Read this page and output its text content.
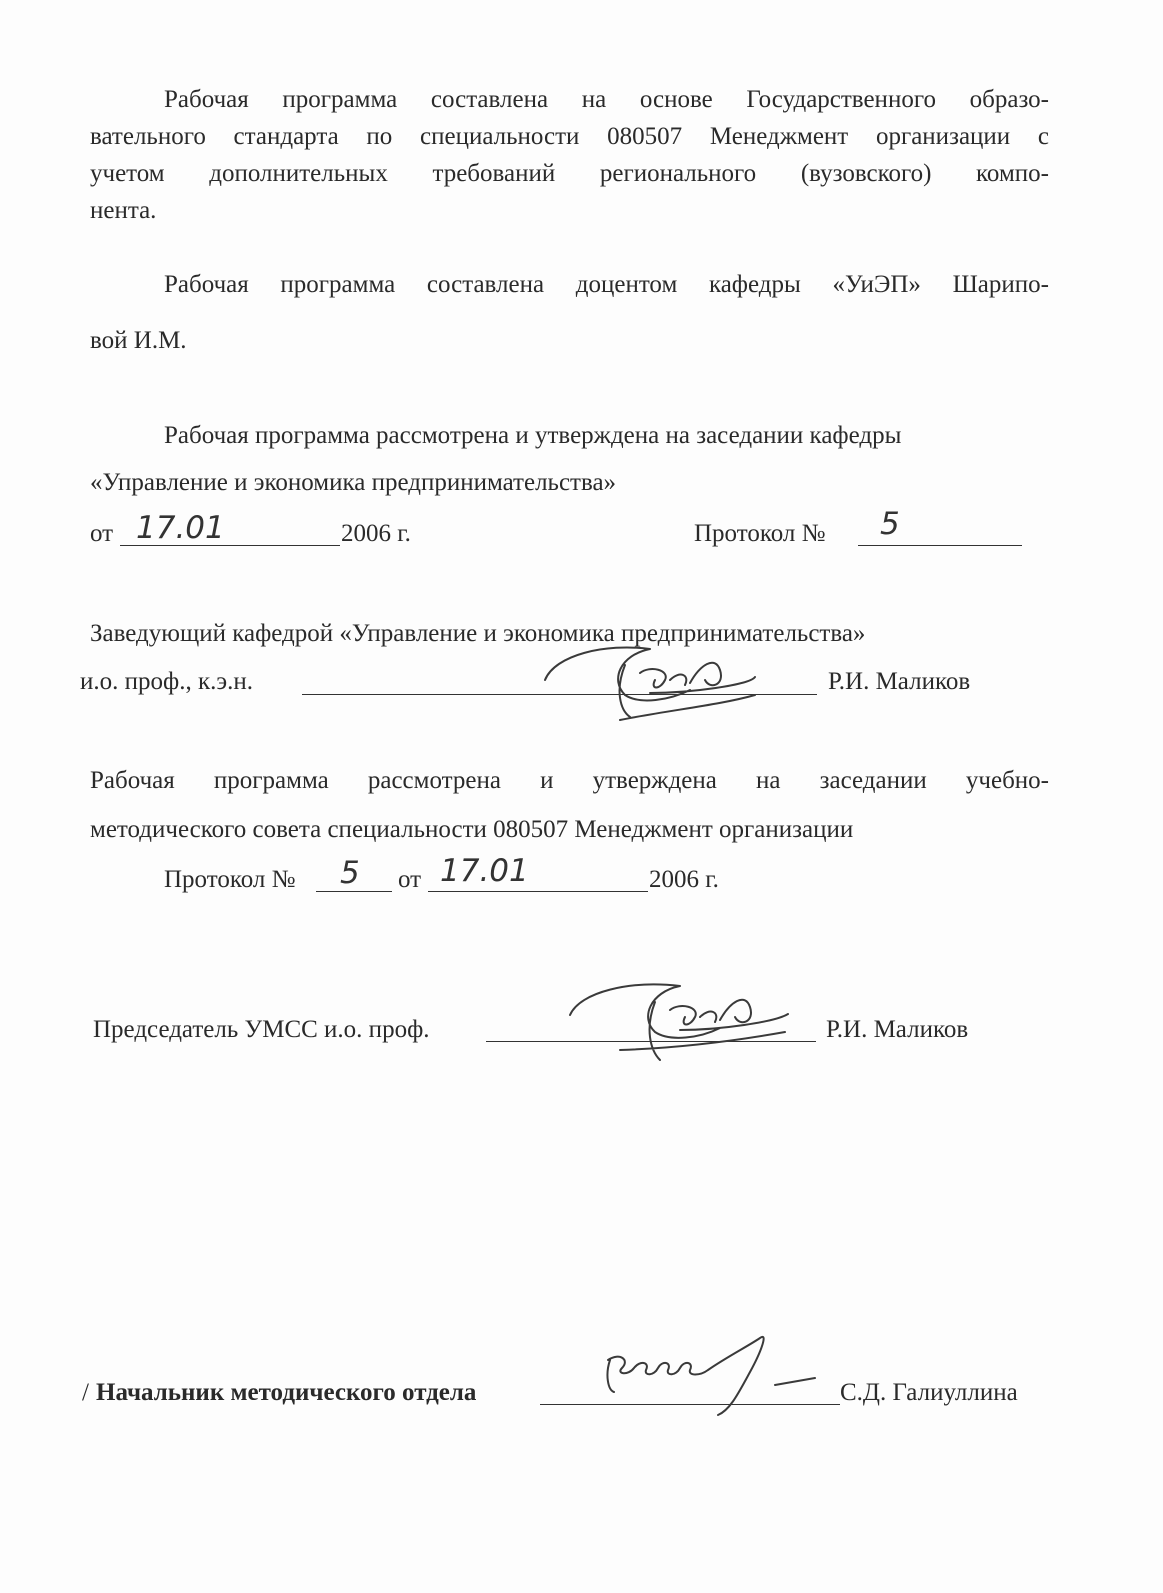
Рабочая программа составлена на основе Государственного образо-
вательного стандарта по специальности 080507 Менеджмент организации с
учетом дополнительных требований регионального (вузовского) компо-
нента.
Рабочая программа составлена доцентом кафедры «УиЭП» Шарипо-
вой И.М.
Рабочая программа рассмотрена и утверждена на заседании кафедры
«Управление и экономика предпринимательства»
от 17.01	2006 г.	Протокол № 5
Заведующий кафедрой «Управление и экономика предпринимательства»
и.о. проф., к.э.н.	Р.И. Маликов
Рабочая программа рассмотрена и утверждена на заседании учебно-
методического совета специальности 080507 Менеджмент организации
Протокол № 5 от 17.01	2006 г.
Председатель УМСС и.о. проф.	Р.И. Маликов
/ Начальник методического отдела	С.Д. Галиуллина
